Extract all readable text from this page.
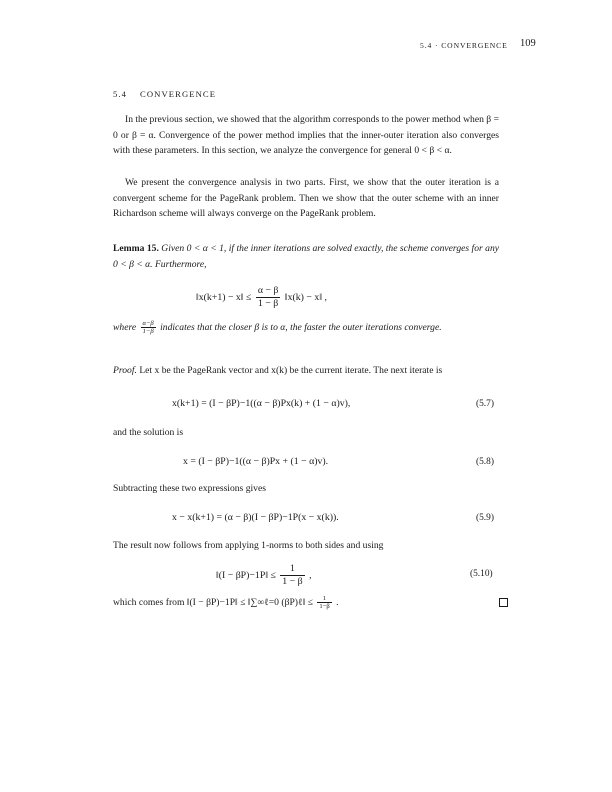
5.4 · CONVERGENCE 109
5.4    CONVERGENCE
In the previous section, we showed that the algorithm corresponds to the power method when β = 0 or β = α. Convergence of the power method implies that the inner-outer iteration also converges with these parameters. In this section, we analyze the convergence for general 0 < β < α.
We present the convergence analysis in two parts. First, we show that the outer iteration is a convergent scheme for the PageRank problem. Then we show that the outer scheme with an inner Richardson scheme will always converge on the PageRank problem.
Lemma 15. Given 0 < α < 1, if the inner iterations are solved exactly, the scheme converges for any 0 < β < α. Furthermore,
‖x(k+1) − x‖ ≤ $\frac{\alpha - \beta}{1 - \beta}$ ‖x(k) − x‖ ,
where $\frac{\alpha-\beta}{1-\beta}$ indicates that the closer β is to α, the faster the outer iterations converge.
Proof. Let x be the PageRank vector and x(k) be the current iterate. The next iterate is
x(k+1) = (I − βP)−1((α − β)Px(k) + (1 − α)v),	(5.7)
and the solution is
x = (I − βP)−1((α − β)Px + (1 − α)v).	(5.8)
Subtracting these two expressions gives
x − x(k+1) = (α − β)(I − βP)−1P(x − x(k)).	(5.9)
The result now follows from applying 1-norms to both sides and using
‖(I − βP)−1P‖ ≤ $\frac{1}{1 - \beta}$ ,	(5.10)
which comes from ‖(I − βP)−1P‖ ≤ ‖∑∞ℓ=0 (βP)ℓ‖ ≤ $\frac{1}{1-\beta}$ .
